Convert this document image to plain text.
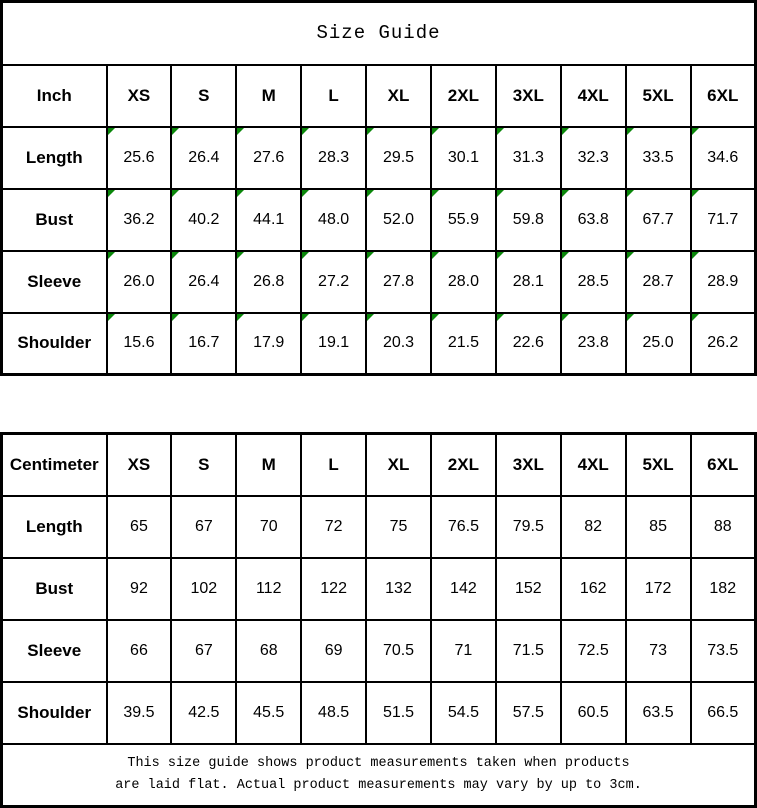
Size Guide										
Inch	XS	S	M	L	XL	2XL	3XL	4XL	5XL	6XL
Length	25.6	26.4	27.6	28.3	29.5	30.1	31.3	32.3	33.5	34.6
Bust	36.2	40.2	44.1	48.0	52.0	55.9	59.8	63.8	67.7	71.7
Sleeve	26.0	26.4	26.8	27.2	27.8	28.0	28.1	28.5	28.7	28.9
Shoulder	15.6	16.7	17.9	19.1	20.3	21.5	22.6	23.8	25.0	26.2
Centimeter	XS	S	M	L	XL	2XL	3XL	4XL	5XL	6XL
Length	65	67	70	72	75	76.5	79.5	82	85	88
Bust	92	102	112	122	132	142	152	162	172	182
Sleeve	66	67	68	69	70.5	71	71.5	72.5	73	73.5
Shoulder	39.5	42.5	45.5	48.5	51.5	54.5	57.5	60.5	63.5	66.5

This size guide shows product measurements taken when products
are laid flat. Actual product measurements may vary by up to 3cm.										
